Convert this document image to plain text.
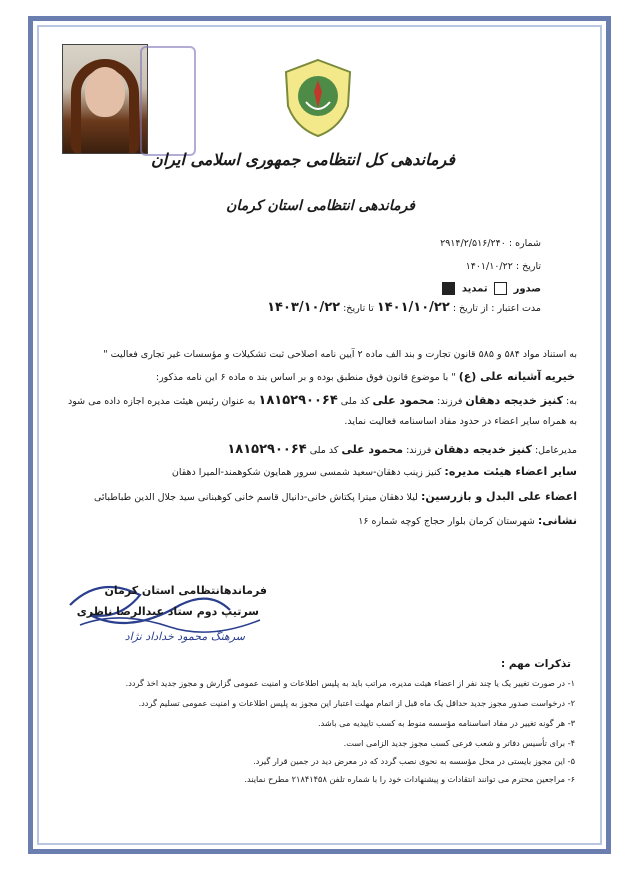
فرماندهی کل انتظامی جمهوری اسلامی ایران
فرماندهی انتظامی استان کرمان
شماره : ۲۹۱۴/۲/۵۱۶/۲۴۰
تاریخ : ۱۴۰۱/۱۰/۲۲
صدور  تمدید
مدت اعتبار : از تاریخ : ۱۴۰۱/۱۰/۲۲ تا تاریخ: ۱۴۰۳/۱۰/۲۲
به استناد مواد ۵۸۴ و ۵۸۵ قانون تجارت و بند الف ماده ۲ آیین نامه اصلاحی ثبت تشکیلات و مؤسسات غیر تجاری فعالیت "
خیریه آشیانه علی (ع) " با موضوع قانون فوق منطبق بوده و بر اساس بند ه ماده ۶ این نامه مذکور:
به: کنیز خدیجه دهقان فرزند: محمود علی کد ملی ۱۸۱۵۲۹۰۰۶۴ به عنوان رئیس هیئت مدیره اجازه داده می شود
به همراه سایر اعضاء در حدود مفاد اساسنامه فعالیت نماید.
مدیرعامل: کنیز خدیجه دهقان فرزند: محمود علی کد ملی ۱۸۱۵۲۹۰۰۶۴
سایر اعضاء هیئت مدیره: کنیز زینب دهقان-سعید شمسی سرور همایون شکوهمند-المیرا دهقان
اعضاء علی البدل و بازرسین: لیلا دهقان میترا پکتاش خانی-دانیال قاسم خانی کوهبنانی سید جلال الدین طباطبائی
نشانی: شهرستان کرمان بلوار حجاج کوچه شماره ۱۶
فرماندهانتظامی استان کرمان
سرتیپ دوم ستاد عبدالرضا ناظری
سرهنگ محمود خداداد نژاد
تذکرات مهم :
۱- در صورت تغییر یک یا چند نفر از اعضاء هیئت مدیره، مراتب باید به پلیس اطلاعات و امنیت عمومی گزارش و مجوز جدید اخذ گردد.
۲- درخواست صدور مجوز جدید حداقل یک ماه قبل از اتمام مهلت اعتبار این مجوز به پلیس اطلاعات و امنیت عمومی تسلیم گردد.
۳- هر گونه تغییر در مفاد اساسنامه مؤسسه منوط به کسب تاییدیه می باشد.
۴- برای تأسیس دفاتر و شعب فرعی کسب مجوز جدید الزامی است.
۵- این مجوز بایستی در محل مؤسسه به نحوی نصب گردد که در معرض دید در جمین قرار گیرد.
۶- مراجعین محترم می توانند انتقادات و پیشنهادات خود را با شماره تلفن ۲۱۸۴۱۴۵۸ مطرح نمایند.
